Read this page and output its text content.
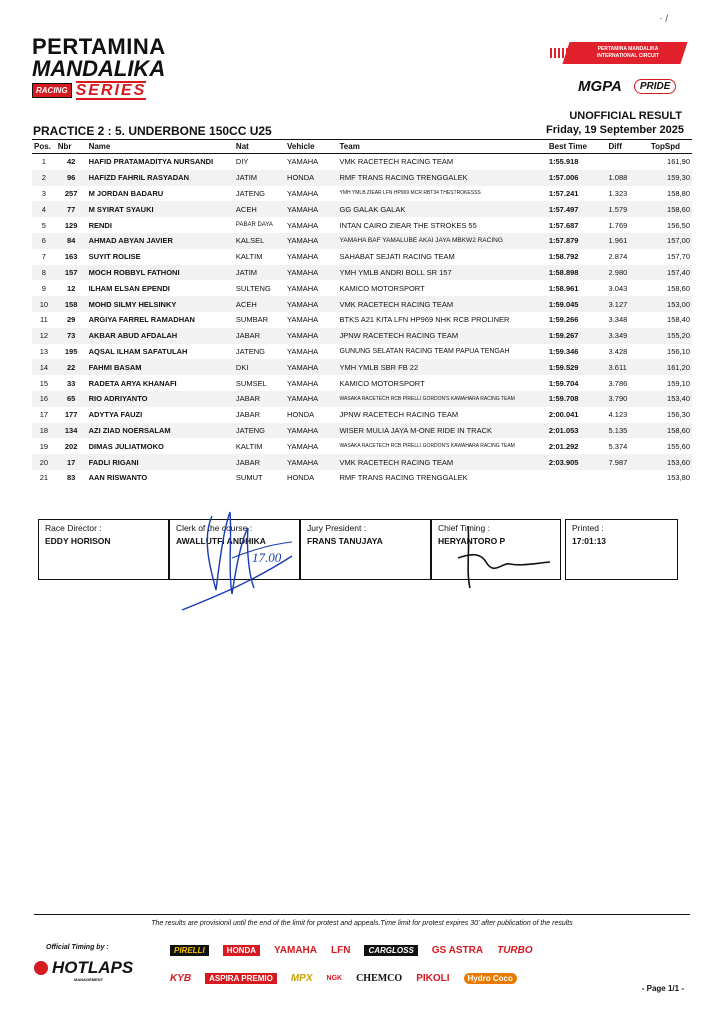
⋅ /
PERTAMINA
MANDALIKA
RACING SERIES
PERTAMINA MANDALIKA INTERNATIONAL CIRCUIT
MGPA	PRIDE
UNOFFICIAL RESULT
Friday, 19 September 2025
PRACTICE 2 : 5. UNDERBONE 150CC U25
Pos.	Nbr	Name	Nat	Vehicle	Team	Best Time	Diff	TopSpd
1	42	HAFID PRATAMADITYA NURSANDI	DIY	YAMAHA	VMK RACETECH RACING TEAM	1:55.918		161,90
2	96	HAFIZD FAHRIL RASYADAN	JATIM	HONDA	RMF TRANS RACING TRENGGALEK	1:57.006	1.088	159,30
3	257	M JORDAN BADARU	JATENG	YAMAHA	YMH YMLB ZIEAR LFN HP969 MCR RBT34 THESTROKESSS	1:57.241	1.323	158,80
4	77	M SYIRAT SYAUKI	ACEH	YAMAHA	GG GALAK GALAK	1:57.497	1.579	158,60
5	129	RENDI	PABAR DAYA	YAMAHA	INTAN CAIRO ZIEAR THE STROKES 55	1:57.687	1.769	156,50
6	84	AHMAD ABYAN JAVIER	KALSEL	YAMAHA	YAMAHA BAF YAMALUBE AKAI JAYA MBKW2 RACING	1:57.879	1.961	157,00
7	163	SUYIT ROLISE	KALTIM	YAMAHA	SAHABAT SEJATI RACING TEAM	1:58.792	2.874	157,70
8	157	MOCH ROBBYL FATHONI	JATIM	YAMAHA	YMH YMLB ANDRI BOLL SR 157	1:58.898	2.980	157,40
9	12	ILHAM ELSAN EPENDI	SULTENG	YAMAHA	KAMICO MOTORSPORT	1:58.961	3.043	158,60
10	158	MOHD SILMY HELSINKY	ACEH	YAMAHA	VMK RACETECH RACING TEAM	1:59.045	3.127	153,00
11	29	ARGIYA FARREL RAMADHAN	SUMBAR	YAMAHA	BTKS A21 KITA LFN HP969 NHK RCB PROLINER	1:59.266	3.348	158,40
12	73	AKBAR ABUD AFDALAH	JABAR	YAMAHA	JPNW RACETECH RACING TEAM	1:59.267	3.349	155,20
13	195	AQSAL ILHAM SAFATULAH	JATENG	YAMAHA	GUNUNG SELATAN RACING TEAM PAPUA TENGAH	1:59.346	3.428	156,10
14	22	FAHMI BASAM	DKI	YAMAHA	YMH YMLB SBR FB 22	1:59.529	3.611	161,20
15	33	RADETA ARYA KHANAFI	SUMSEL	YAMAHA	KAMICO MOTORSPORT	1:59.704	3.786	159,10
16	65	RIO ADRIYANTO	JABAR	YAMAHA	WASAKA RACETECH RCB PIRELLI GORDON'S KAWAHARA RACING TEAM	1:59.708	3.790	153,40
17	177	ADYTYA FAUZI	JABAR	HONDA	JPNW RACETECH RACING TEAM	2:00.041	4.123	156,30
18	134	AZI ZIAD NOERSALAM	JATENG	YAMAHA	WISER MULIA JAYA M-ONE RIDE IN TRACK	2:01.053	5.135	158,60
19	202	DIMAS JULIATMOKO	KALTIM	YAMAHA	WASAKA RACETECH RCB PIRELLI GORDON'S KAWAHARA RACING TEAM	2:01.292	5.374	155,60
20	17	FADLI RIGANI	JABAR	YAMAHA	VMK RACETECH RACING TEAM	2:03.905	7.987	153,60
21	83	AAN RISWANTO	SUMUT	HONDA	RMF TRANS RACING TRENGGALEK			153,80
Race Director :
EDDY HORISON
Clerk of the course :
AWALLUTFI ANDHIKA
Jury President :
FRANS TANUJAYA
Chief Timing :
HERYANTORO P
Printed :
17:01:13
17.00
The results are provisionil until the end of the limit for protest and appeals.Time limit for protest expires 30' after publication of the results
Official Timing by :
HOTLAPS
MANAGEMENT
PIRELLI	HONDA	YAMAHA LFN	CARGLOSS	GS ASTRA TURBO
KYB	ASPIRA PREMIO	MPX NGK CHEMCO PIKOLI	Hydro Coco
- Page 1/1 -
